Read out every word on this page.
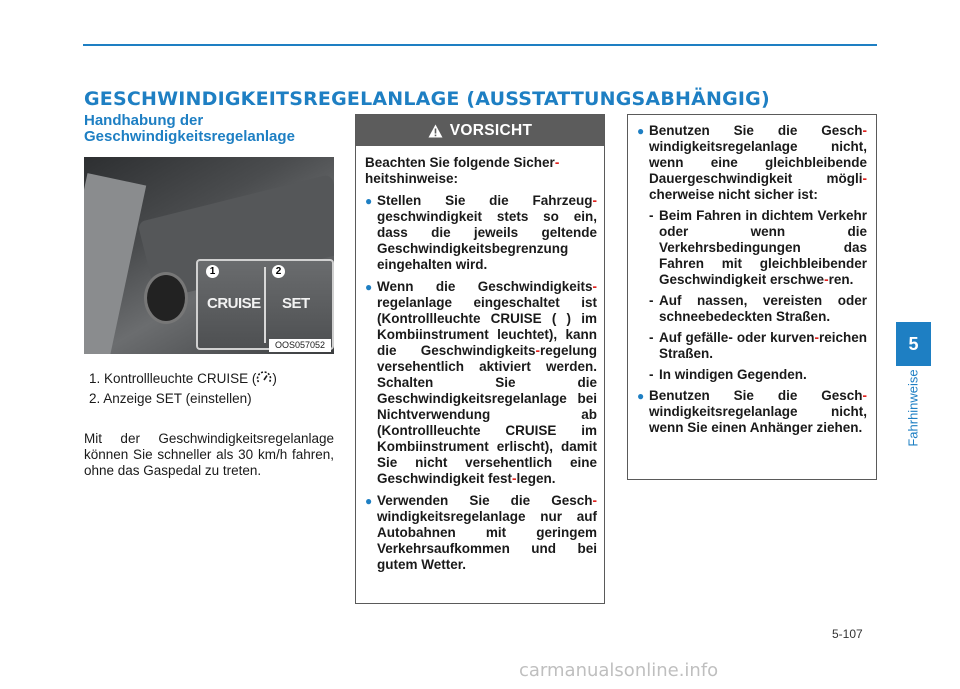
GESCHWINDIGKEITSREGELANLAGE (AUSSTATTUNGSABHÄNGIG)
Handhabung der Geschwindigkeitsregelanlage
1	2
CRUISE SET
OOS057052
1. Kontrollleuchte CRUISE ( )
2. Anzeige SET (einstellen)

Mit der Geschwindigkeitsregelanlage können Sie schneller als 30 km/h fahren, ohne das Gaspedal zu treten.

VORSICHT

Beachten Sie folgende Sicher-heitshinweise:

● Stellen Sie die Fahrzeug-geschwindigkeit stets so ein, dass die jeweils geltende Geschwindigkeitsbegrenzung eingehalten wird.
● Wenn die Geschwindigkeits-regelanlage eingeschaltet ist (Kontrollleuchte CRUISE ( ) im Kombiinstrument leuchtet), kann die Geschwindigkeits-regelung versehentlich aktiviert werden. Schalten Sie die Geschwindigkeitsregelanlage bei Nichtverwendung ab (Kontrollleuchte CRUISE im Kombiinstrument erlischt), damit Sie nicht versehentlich eine Geschwindigkeit fest-legen.
● Verwenden Sie die Gesch-windigkeitsregelanlage nur auf Autobahnen mit geringem Verkehrsaufkommen und bei gutem Wetter.
● Benutzen Sie die Gesch-windigkeitsregelanlage nicht, wenn eine gleichbleibende Dauergeschwindigkeit mögli-cherweise nicht sicher ist:
- Beim Fahren in dichtem Verkehr oder wenn die Verkehrsbedingungen das Fahren mit gleichbleibender Geschwindigkeit erschwe-ren.
- Auf nassen, vereisten oder schneebedeckten Straßen.
- Auf gefälle- oder kurven-reichen Straßen.
- In windigen Gegenden.
● Benutzen Sie die Gesch-windigkeitsregelanlage nicht, wenn Sie einen Anhänger ziehen.
5
Fahrhinweise
5-107
carmanualsonline.info
